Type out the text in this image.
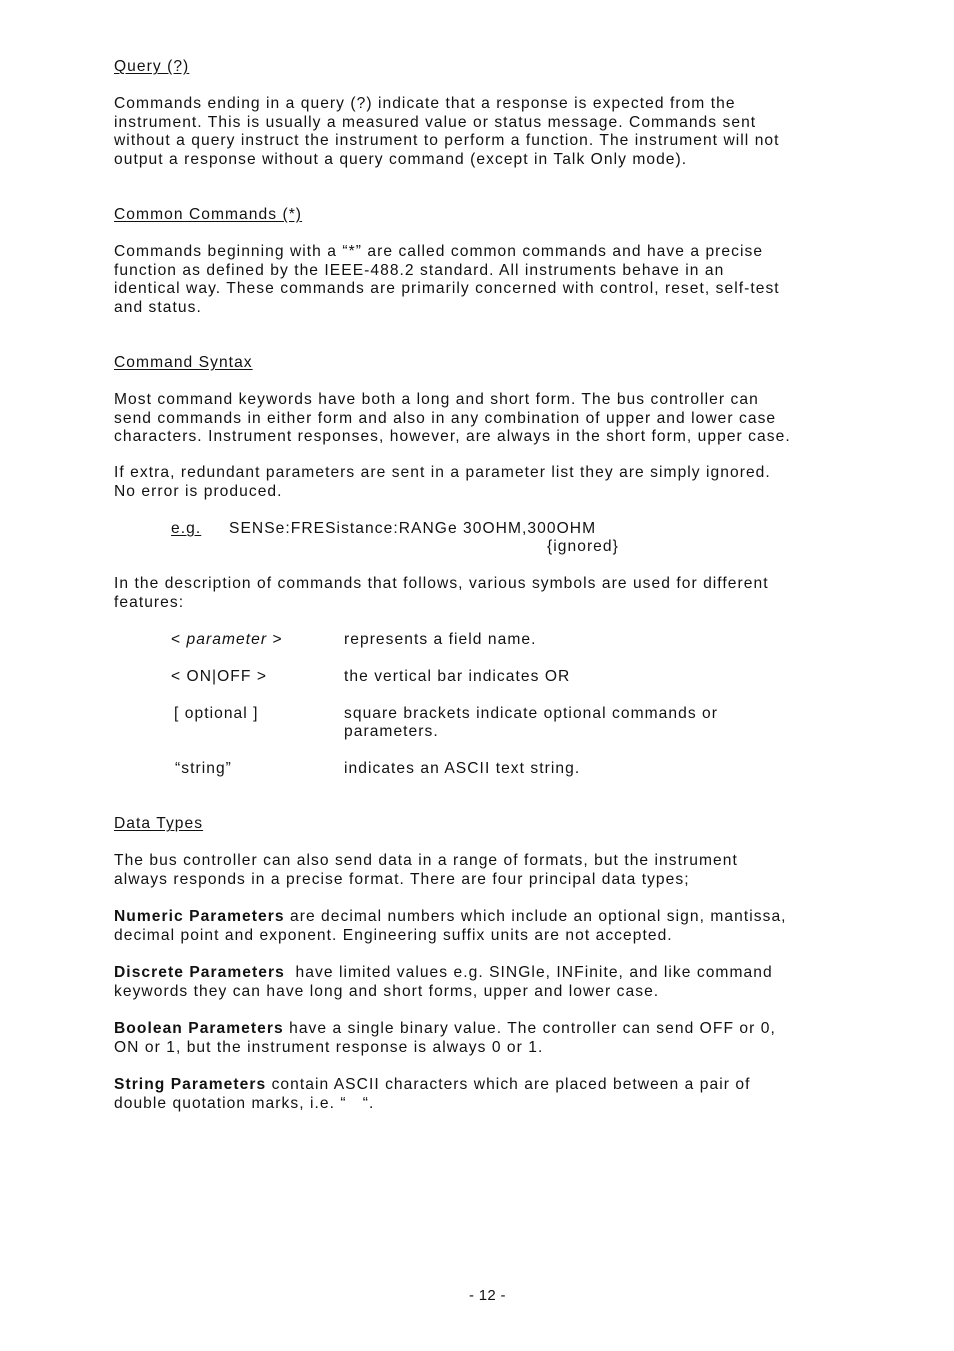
Query (?)
Commands ending in a query (?) indicate that a response is expected from the
instrument. This is usually a measured value or status message. Commands sent
without a query instruct the instrument to perform a function. The instrument will not
output a response without a query command (except in Talk Only mode).
Common Commands (*)
Commands beginning with a “*” are called common commands and have a precise
function as defined by the IEEE-488.2 standard. All instruments behave in an
identical way. These commands are primarily concerned with control, reset, self-test
and status.
Command Syntax
Most command keywords have both a long and short form. The bus controller can
send commands in either form and also in any combination of upper and lower case
characters. Instrument responses, however, are always in the short form, upper case.
If extra, redundant parameters are sent in a parameter list they are simply ignored.
No error is produced.
e.g. SENSe:FRESistance:RANGe 30OHM,300OHM
{ignored}
In the description of commands that follows, various symbols are used for different
features:
< parameter >	represents a field name.
< ON|OFF >	the vertical bar indicates OR
[ optional ]	square brackets indicate optional commands or
parameters.
“string”	indicates an ASCII text string.
Data Types
The bus controller can also send data in a range of formats, but the instrument
always responds in a precise format. There are four principal data types;
Numeric Parameters are decimal numbers which include an optional sign, mantissa,
decimal point and exponent. Engineering suffix units are not accepted.
Discrete Parameters  have limited values e.g. SINGle, INFinite, and like command
keywords they can have long and short forms, upper and lower case.
Boolean Parameters have a single binary value. The controller can send OFF or 0,
ON or 1, but the instrument response is always 0 or 1.
String Parameters contain ASCII characters which are placed between a pair of
double quotation marks, i.e. “   “.
- 12 -
